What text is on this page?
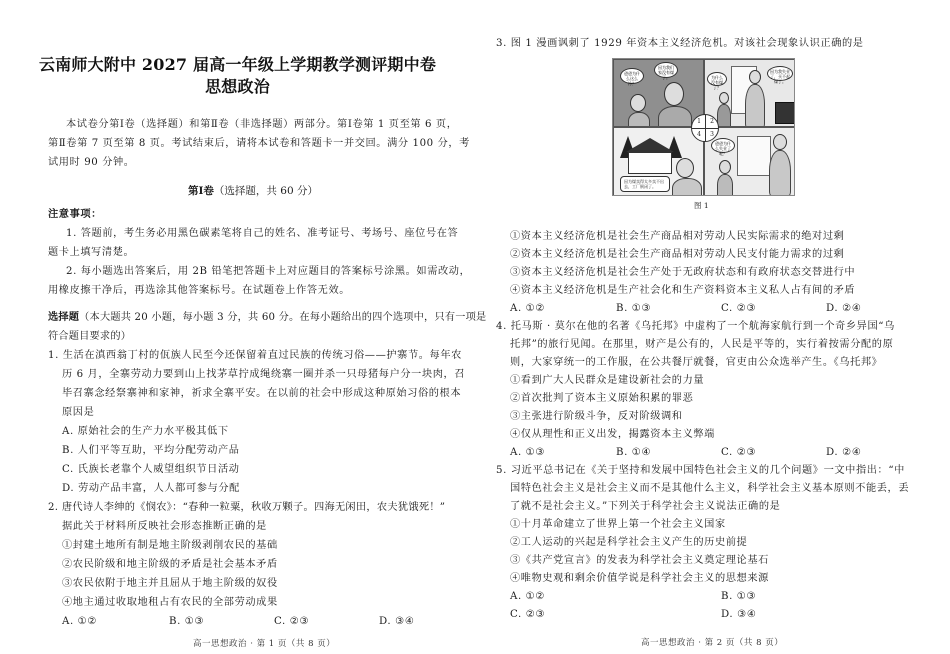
云南师大附中 2027 届高一年级上学期教学测评期中卷
思想政治
本试卷分第Ⅰ卷（选择题）和第Ⅱ卷（非选择题）两部分。第Ⅰ卷第 1 页至第 6 页，
第Ⅱ卷第 7 页至第 8 页。考试结束后，请将本试卷和答题卡一并交回。满分 100 分，考
试用时 90 分钟。
第Ⅰ卷（选择题，共 60 分）
注意事项：
1. 答题前，考生务必用黑色碳素笔将自己的姓名、准考证号、考场号、座位号在答
题卡上填写清楚。
2. 每小题选出答案后，用 2B 铅笔把答题卡上对应题目的答案标号涂黑。如需改动，
用橡皮擦干净后，再选涂其他答案标号。在试题卷上作答无效。
选择题（本大题共 20 小题，每小题 3 分，共 60 分。在每小题给出的四个选项中，只有一项是
符合题目要求的）
1. 生活在滇西翁丁村的佤族人民至今还保留着直过民族的传统习俗——护寨节。每年农
历 6 月，全寨劳动力要到山上找茅草拧成绳绕寨一圈并杀一只母猪每户分一块肉，召
毕召寨念经祭寨神和家神，祈求全寨平安。在以前的社会中形成这种原始习俗的根本
原因是
A. 原始社会的生产力水平极其低下
B. 人们平等互助，平均分配劳动产品
C. 氏族长老靠个人威望组织节日活动
D. 劳动产品丰富，人人都可参与分配
2. 唐代诗人李绅的《悯农》：“春种一粒粟，秋收万颗子。四海无闲田，农夫犹饿死！”
据此关于材料所反映社会形态推断正确的是
①封建土地所有制是地主阶级剥削农民的基础
②农民阶级和地主阶级的矛盾是社会基本矛盾
③农民依附于地主并且屈从于地主阶级的奴役
④地主通过收取地租占有农民的全部劳动成果
A. ①②	B. ①③	C. ②③	D. ③④
高一思想政治 · 第 1 页（共 8 页）
3. 图 1 漫画讽刺了 1929 年资本主义经济危机。对该社会现象认识正确的是
图 1
爸爸为什么这么冷？
因为我们家没有煤了。	为什么没有煤了？
因为我失业了，买不起煤了。
因为煤卖得太多卖不出去，工厂倒闭了。
爸爸为什么失业了呢？
1	2
3
4
①资本主义经济危机是社会生产商品相对劳动人民实际需求的绝对过剩
②资本主义经济危机是社会生产商品相对劳动人民支付能力需求的过剩
③资本主义经济危机是社会生产处于无政府状态和有政府状态交替进行中
④资本主义经济危机是生产社会化和生产资料资本主义私人占有间的矛盾
A. ①②	B. ①③	C. ②③	D. ②④
4. 托马斯 · 莫尔在他的名著《乌托邦》中虚构了一个航海家航行到一个奇乡异国“乌
托邦”的旅行见闻。在那里，财产是公有的，人民是平等的，实行着按需分配的原
则，大家穿统一的工作服，在公共餐厅就餐，官吏由公众选举产生。《乌托邦》
①看到广大人民群众是建设新社会的力量
②首次批判了资本主义原始积累的罪恶
③主张进行阶级斗争，反对阶级调和
④仅从理性和正义出发，揭露资本主义弊端
A. ①③	B. ①④	C. ②③	D. ②④
5. 习近平总书记在《关于坚持和发展中国特色社会主义的几个问题》一文中指出：“中
国特色社会主义是社会主义而不是其他什么主义，科学社会主义基本原则不能丢，丢
了就不是社会主义。”下列关于科学社会主义说法正确的是
①十月革命建立了世界上第一个社会主义国家
②工人运动的兴起是科学社会主义产生的历史前提
③《共产党宣言》的发表为科学社会主义奠定理论基石
④唯物史观和剩余价值学说是科学社会主义的思想来源
A. ①②	B. ①③
C. ②③	D. ③④
高一思想政治 · 第 2 页（共 8 页）
